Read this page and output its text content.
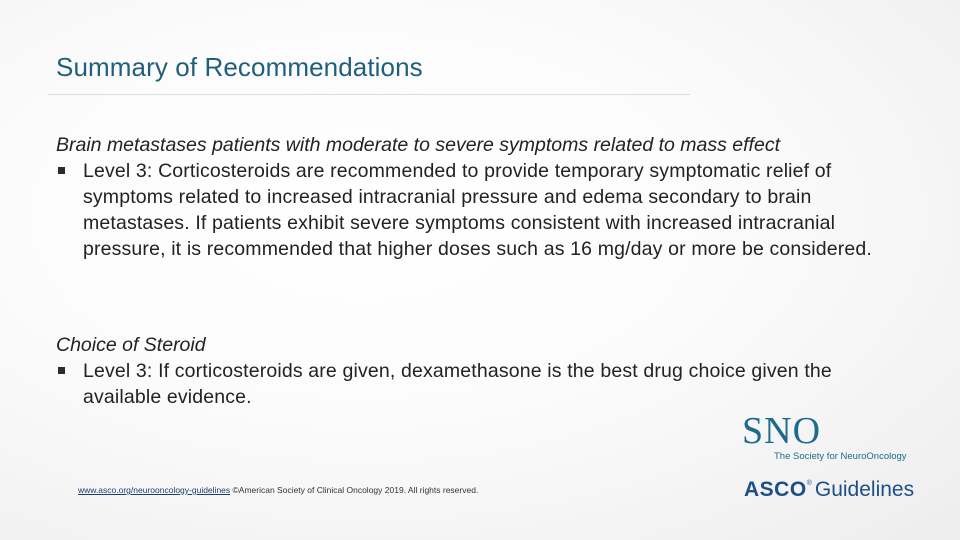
Summary of Recommendations

Brain metastases patients with moderate to severe symptoms related to mass effect

Level 3: Corticosteroids are recommended to provide temporary symptomatic relief of symptoms related to increased intracranial pressure and edema secondary to brain metastases. If patients exhibit severe symptoms consistent with increased intracranial pressure, it is recommended that higher doses such as 16 mg/day or more be considered.

Choice of Steroid

Level 3: If corticosteroids are given, dexamethasone is the best drug choice given the available evidence.
www.asco.org/neurooncology-guidelines ©American Society of Clinical Oncology 2019. All rights reserved.
SNO
The Society for NeuroOncology
ASCO® Guidelines
